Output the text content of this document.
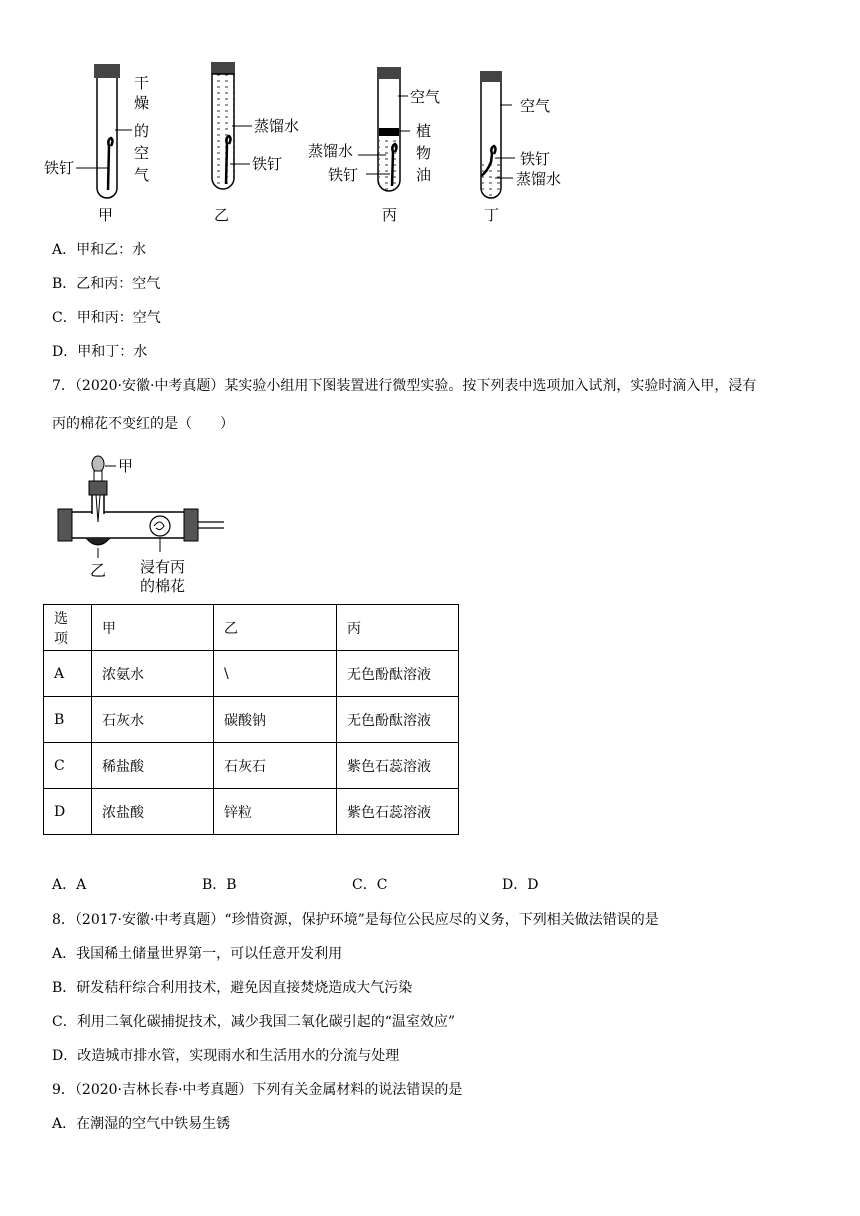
干
燥
的
空
气
铁钉
甲
蒸馏水
铁钉
乙
空气
植
物
油
蒸馏水
铁钉
丙
空气
铁钉
蒸馏水
丁
A．甲和乙：水
B．乙和丙：空气
C．甲和丙：空气
D．甲和丁：水
7．（2020·安徽·中考真题）某实验小组用下图装置进行微型实验。按下列表中选项加入试剂，实验时滴入甲，浸有
丙的棉花不变红的是（　　）
甲
乙 浸有丙
的棉花
选项	甲	乙	丙
A	浓氨水	\	无色酚酞溶液
B	石灰水	碳酸钠	无色酚酞溶液
C	稀盐酸	石灰石	紫色石蕊溶液
D	浓盐酸	锌粒	紫色石蕊溶液
A．A	B．B	C．C	D．D
8．（2017·安徽·中考真题）“珍惜资源，保护环境”是每位公民应尽的义务，下列相关做法错误的是
A．我国稀土储量世界第一，可以任意开发利用
B．研发秸秆综合利用技术，避免因直接焚烧造成大气污染
C．利用二氧化碳捕捉技术，减少我国二氧化碳引起的“温室效应”
D．改造城市排水管，实现雨水和生活用水的分流与处理
9．（2020·吉林长春·中考真题）下列有关金属材料的说法错误的是
A．在潮湿的空气中铁易生锈
